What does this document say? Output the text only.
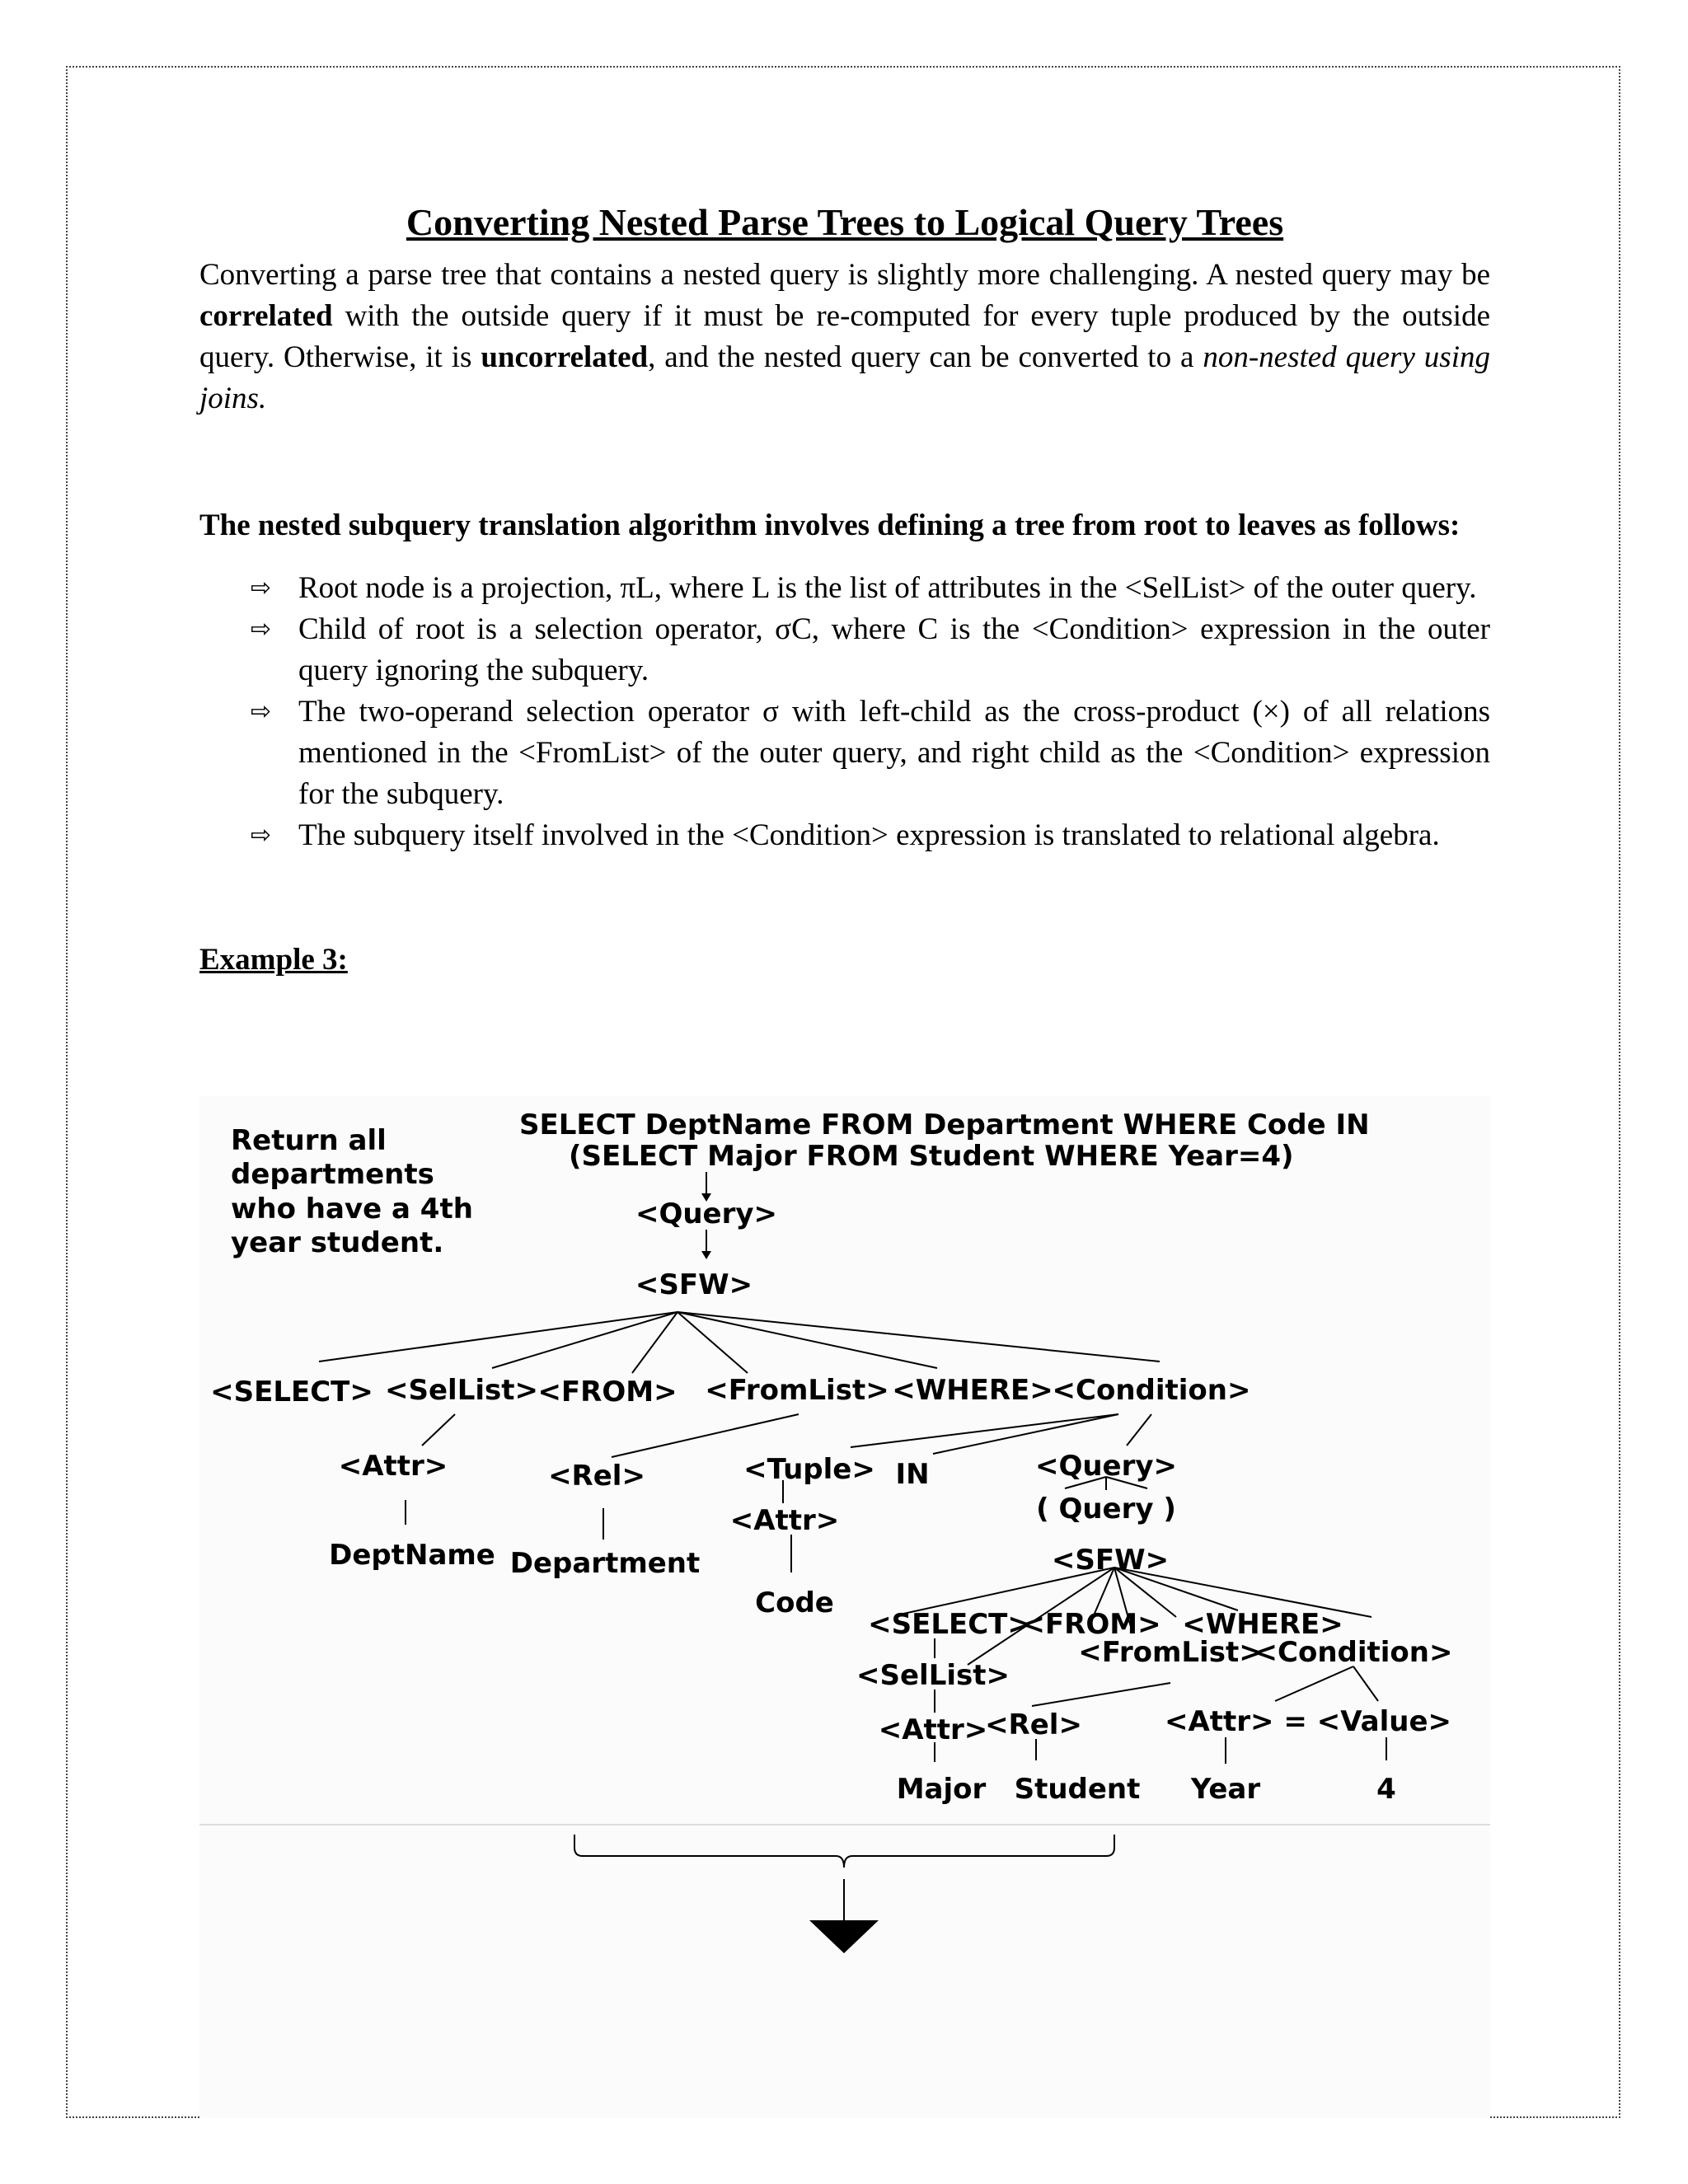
Converting Nested Parse Trees to Logical Query Trees

Converting a parse tree that contains a nested query is slightly more challenging. A nested query may be correlated with the outside query if it must be re-computed for every tuple produced by the outside query. Otherwise, it is uncorrelated, and the nested query can be converted to a non-nested query using joins.

The nested subquery translation algorithm involves defining a tree from root to leaves as follows:

⇨ Root node is a projection, πL, where L is the list of attributes in the <SelList> of the outer query.
⇨ Child of root is a selection operator, σC, where C is the <Condition> expression in the outer query ignoring the subquery.
⇨ The two-operand selection operator σ with left-child as the cross-product (×) of all relations mentioned in the <FromList> of the outer query, and right child as the <Condition> expression for the subquery.
⇨ The subquery itself involved in the <Condition> expression is translated to relational algebra.
Example 3:
Return all
departments
who have a 4th
year student.
SELECT DeptName FROM Department WHERE Code IN
(SELECT Major FROM Student WHERE Year=4)
<Query>
<SFW>
<SELECT> <SelList> <FROM> <FromList> <WHERE>
<Condition>
<Attr>
DeptName
<Rel>
Department
<Tuple> IN
<Attr>
Code
<Query>
( Query )
<SFW>
<SELECT>
<FROM> <WHERE>
<FromList>
<Condition>
<SelList>
<Attr>
Major
<Rel>
Student
<Attr> = <Value>
Year	4
